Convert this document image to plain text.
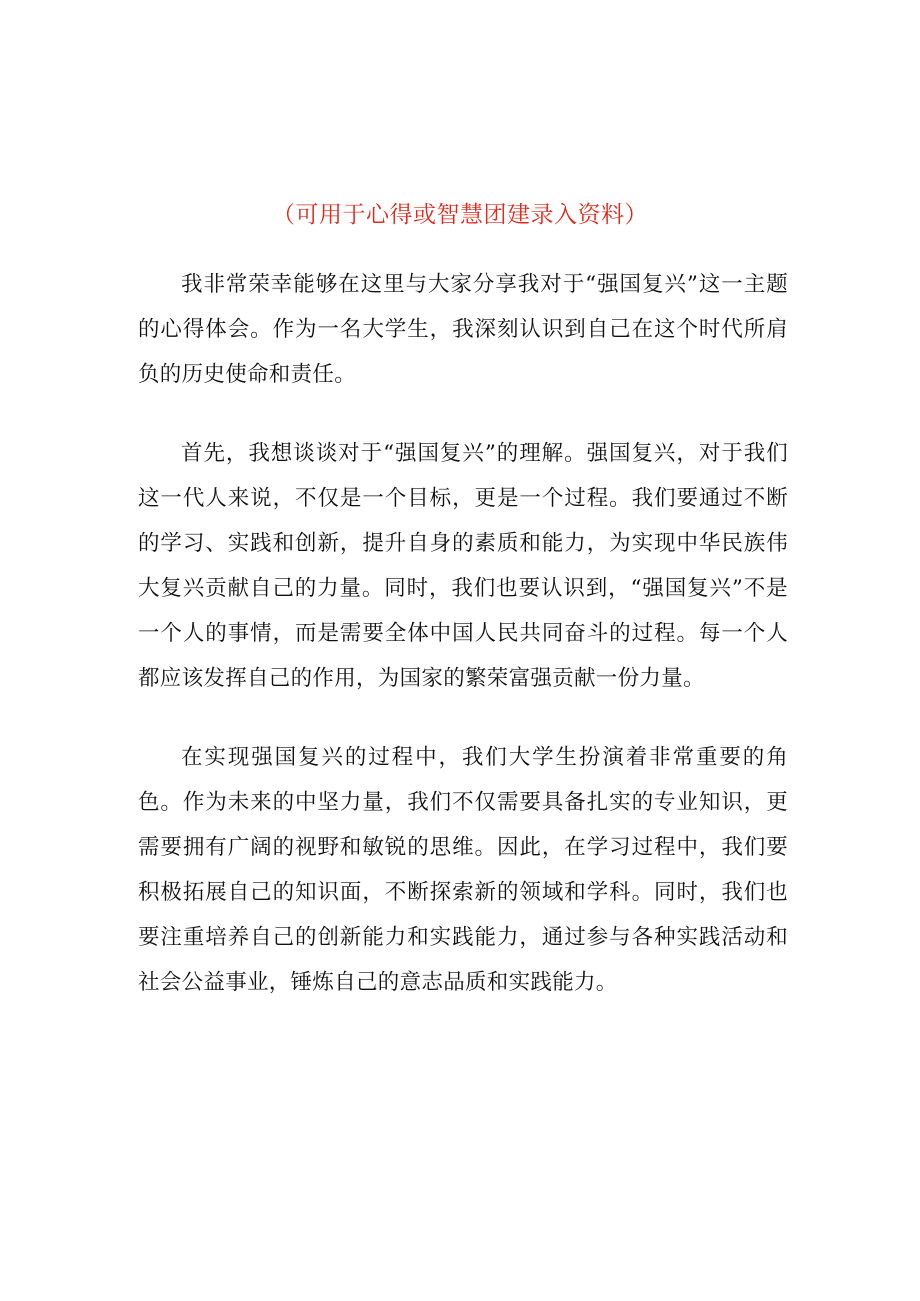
（可用于心得或智慧团建录入资料）

我非常荣幸能够在这里与大家分享我对于“强国复兴”这一主题的心得体会。作为一名大学生，我深刻认识到自己在这个时代所肩负的历史使命和责任。

首先，我想谈谈对于“强国复兴”的理解。强国复兴，对于我们这一代人来说，不仅是一个目标，更是一个过程。我们要通过不断的学习、实践和创新，提升自身的素质和能力，为实现中华民族伟大复兴贡献自己的力量。同时，我们也要认识到，“强国复兴”不是一个人的事情，而是需要全体中国人民共同奋斗的过程。每一个人都应该发挥自己的作用，为国家的繁荣富强贡献一份力量。

在实现强国复兴的过程中，我们大学生扮演着非常重要的角色。作为未来的中坚力量，我们不仅需要具备扎实的专业知识，更需要拥有广阔的视野和敏锐的思维。因此，在学习过程中，我们要积极拓展自己的知识面，不断探索新的领域和学科。同时，我们也要注重培养自己的创新能力和实践能力，通过参与各种实践活动和社会公益事业，锤炼自己的意志品质和实践能力。
